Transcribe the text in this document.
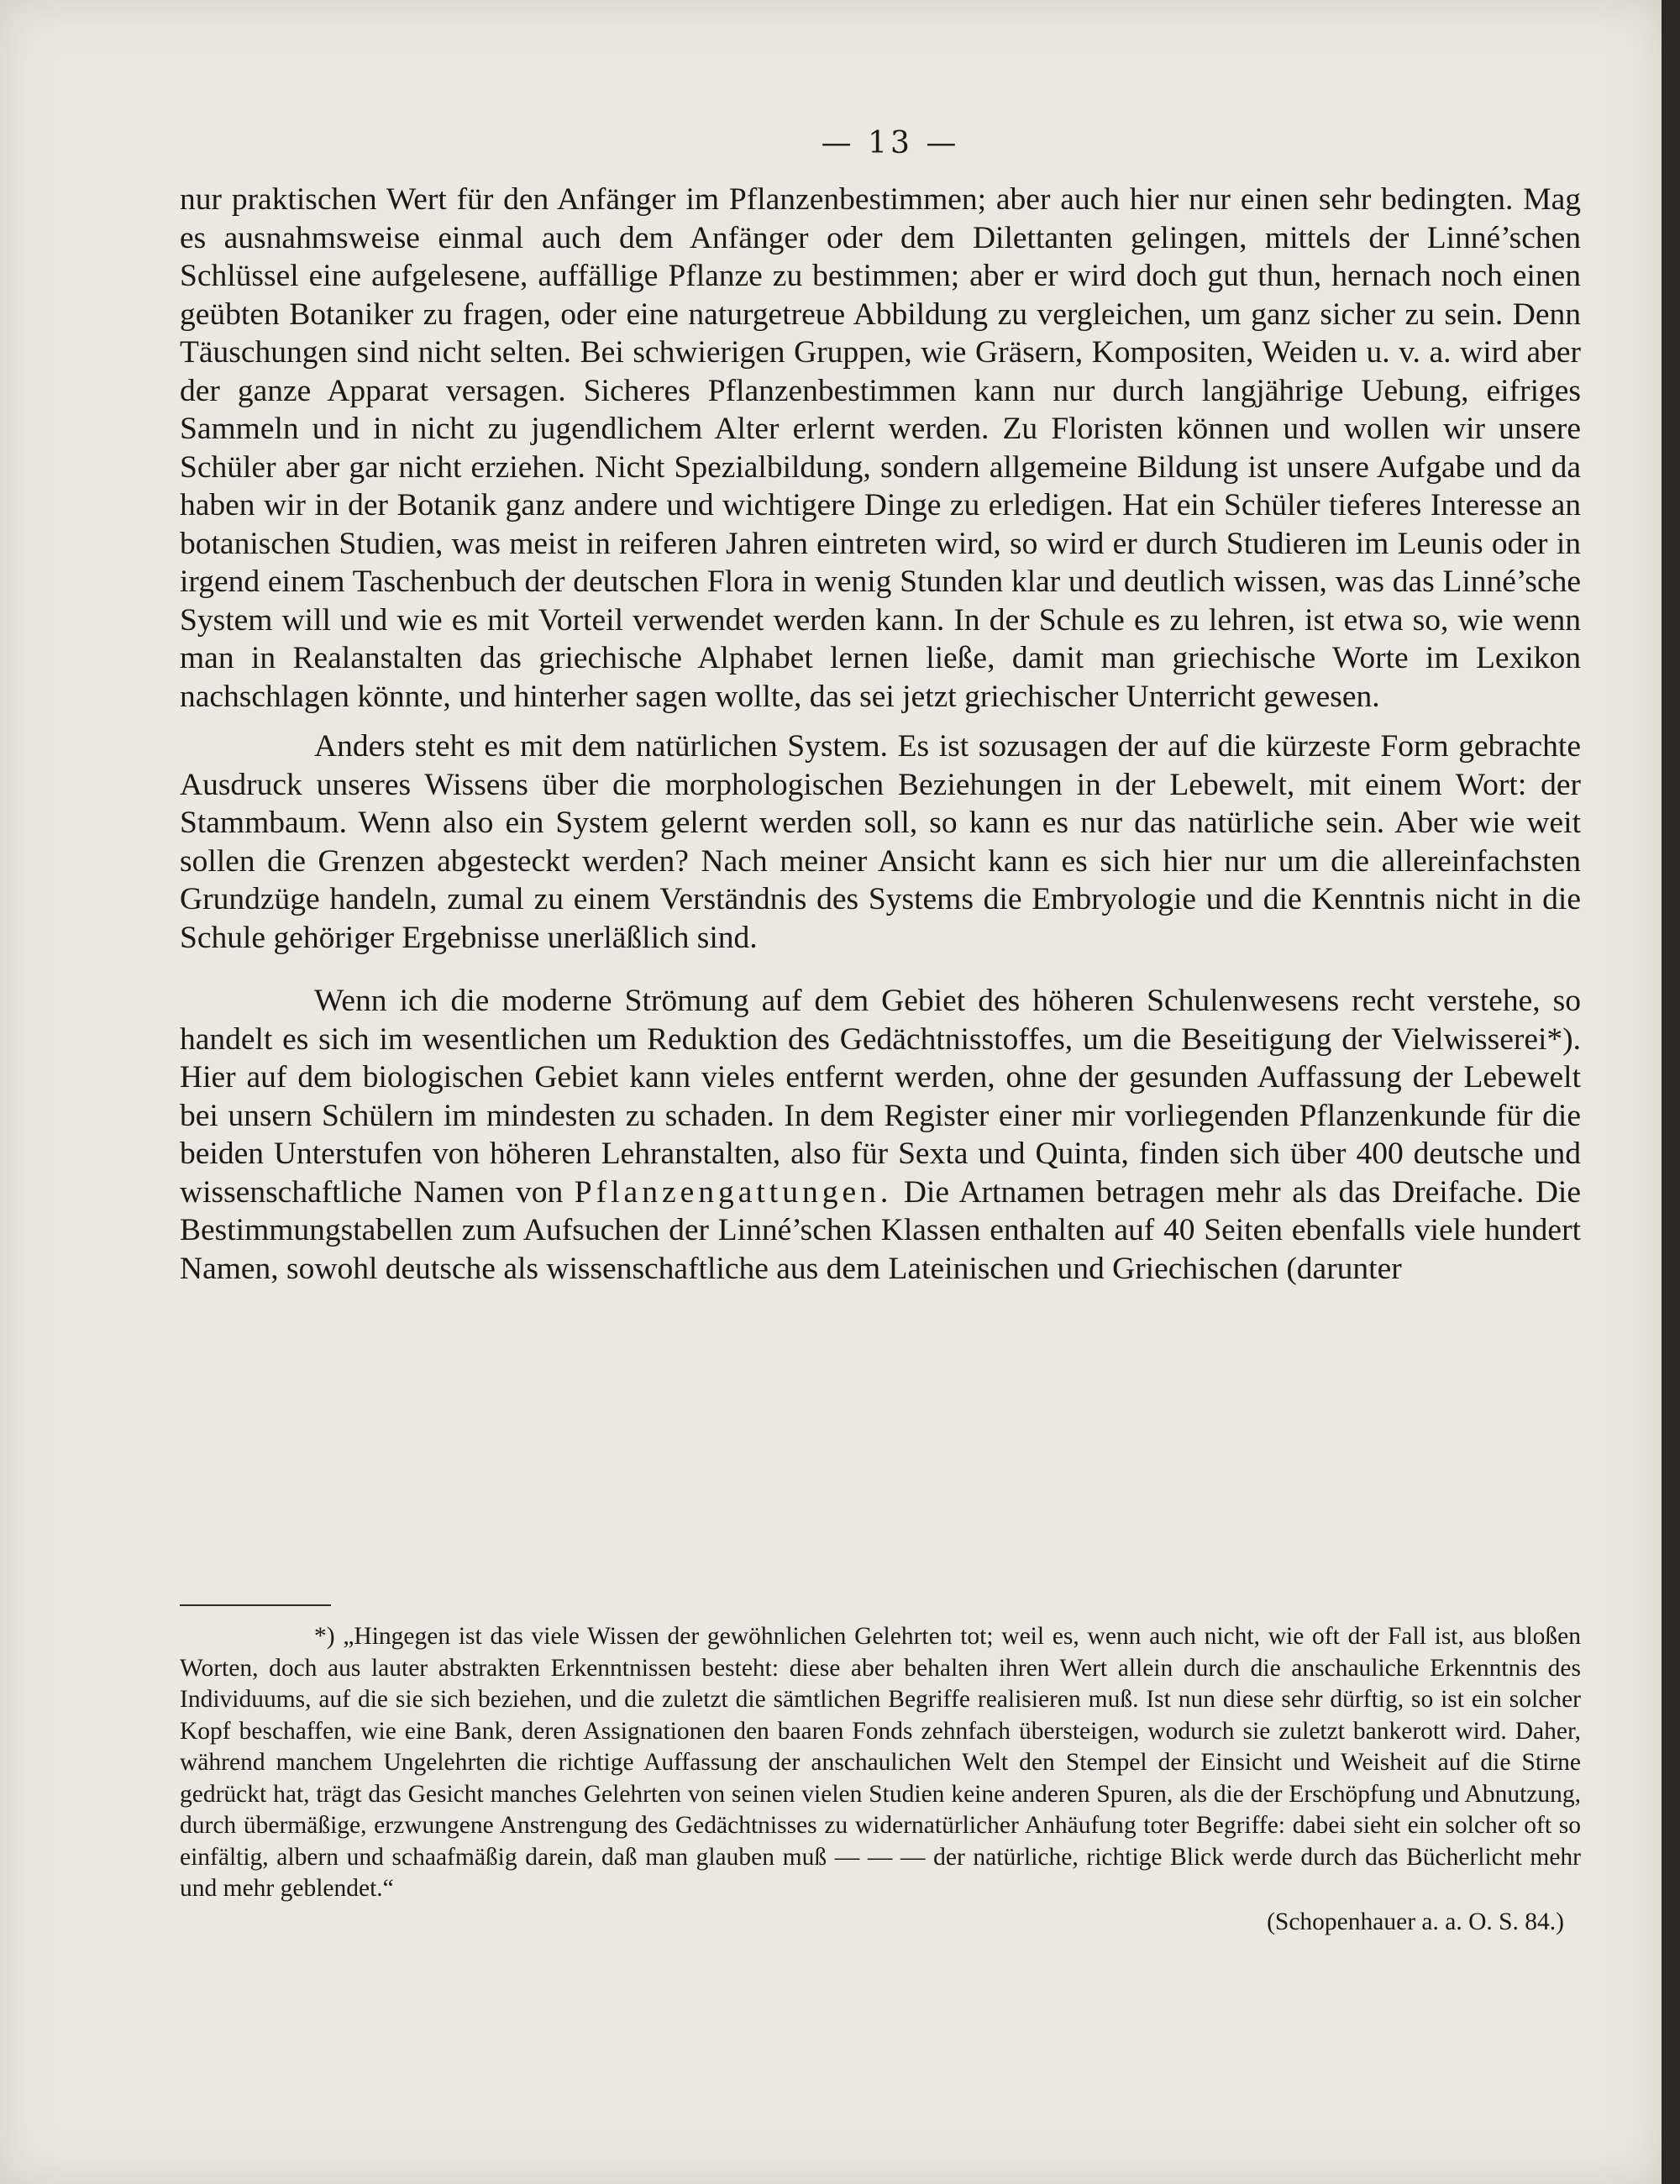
— 13 —

nur praktischen Wert für den Anfänger im Pflanzenbestimmen; aber auch hier nur einen sehr bedingten. Mag es ausnahmsweise einmal auch dem Anfänger oder dem Dilettanten gelingen, mittels der Linné’schen Schlüssel eine aufgelesene, auffällige Pflanze zu bestimmen; aber er wird doch gut thun, hernach noch einen geübten Botaniker zu fragen, oder eine naturgetreue Abbildung zu vergleichen, um ganz sicher zu sein. Denn Täuschungen sind nicht selten. Bei schwierigen Gruppen, wie Gräsern, Kompositen, Weiden u. v. a. wird aber der ganze Apparat versagen. Sicheres Pflanzenbestimmen kann nur durch langjährige Uebung, eifriges Sammeln und in nicht zu jugendlichem Alter erlernt werden. Zu Floristen können und wollen wir unsere Schüler aber gar nicht erziehen. Nicht Spezialbildung, sondern allgemeine Bildung ist unsere Aufgabe und da haben wir in der Botanik ganz andere und wichtigere Dinge zu erledigen. Hat ein Schüler tieferes Interesse an botanischen Studien, was meist in reiferen Jahren eintreten wird, so wird er durch Studieren im Leunis oder in irgend einem Taschenbuch der deutschen Flora in wenig Stunden klar und deutlich wissen, was das Linné’sche System will und wie es mit Vorteil verwendet werden kann. In der Schule es zu lehren, ist etwa so, wie wenn man in Realanstalten das griechische Alphabet lernen ließe, damit man griechische Worte im Lexikon nachschlagen könnte, und hinterher sagen wollte, das sei jetzt griechischer Unterricht gewesen.

Anders steht es mit dem natürlichen System. Es ist sozusagen der auf die kürzeste Form gebrachte Ausdruck unseres Wissens über die morphologischen Beziehungen in der Lebewelt, mit einem Wort: der Stammbaum. Wenn also ein System gelernt werden soll, so kann es nur das natürliche sein. Aber wie weit sollen die Grenzen abgesteckt werden? Nach meiner Ansicht kann es sich hier nur um die allereinfachsten Grundzüge handeln, zumal zu einem Verständnis des Systems die Embryologie und die Kenntnis nicht in die Schule gehöriger Ergebnisse unerläßlich sind.

Wenn ich die moderne Strömung auf dem Gebiet des höheren Schulenwesens recht verstehe, so handelt es sich im wesentlichen um Reduktion des Gedächtnisstoffes, um die Beseitigung der Vielwisserei*). Hier auf dem biologischen Gebiet kann vieles entfernt werden, ohne der gesunden Auffassung der Lebewelt bei unsern Schülern im mindesten zu schaden. In dem Register einer mir vorliegenden Pflanzenkunde für die beiden Unterstufen von höheren Lehranstalten, also für Sexta und Quinta, finden sich über 400 deutsche und wissenschaftliche Namen von Pflanzengattungen. Die Artnamen betragen mehr als das Dreifache. Die Bestimmungstabellen zum Aufsuchen der Linné’schen Klassen enthalten auf 40 Seiten ebenfalls viele hundert Namen, sowohl deutsche als wissenschaftliche aus dem Lateinischen und Griechischen (darunter

*) „Hingegen ist das viele Wissen der gewöhnlichen Gelehrten tot; weil es, wenn auch nicht, wie oft der Fall ist, aus bloßen Worten, doch aus lauter abstrakten Erkenntnissen besteht: diese aber behalten ihren Wert allein durch die anschauliche Erkenntnis des Individuums, auf die sie sich beziehen, und die zuletzt die sämtlichen Begriffe realisieren muß. Ist nun diese sehr dürftig, so ist ein solcher Kopf beschaffen, wie eine Bank, deren Assignationen den baaren Fonds zehnfach übersteigen, wodurch sie zuletzt bankerott wird. Daher, während manchem Ungelehrten die richtige Auffassung der anschaulichen Welt den Stempel der Einsicht und Weisheit auf die Stirne gedrückt hat, trägt das Gesicht manches Gelehrten von seinen vielen Studien keine anderen Spuren, als die der Erschöpfung und Abnutzung, durch übermäßige, erzwungene Anstrengung des Gedächtnisses zu widernatürlicher Anhäufung toter Begriffe: dabei sieht ein solcher oft so einfältig, albern und schaafmäßig darein, daß man glauben muß — — — der natürliche, richtige Blick werde durch das Bücherlicht mehr und mehr geblendet.“

(Schopenhauer a. a. O. S. 84.)
